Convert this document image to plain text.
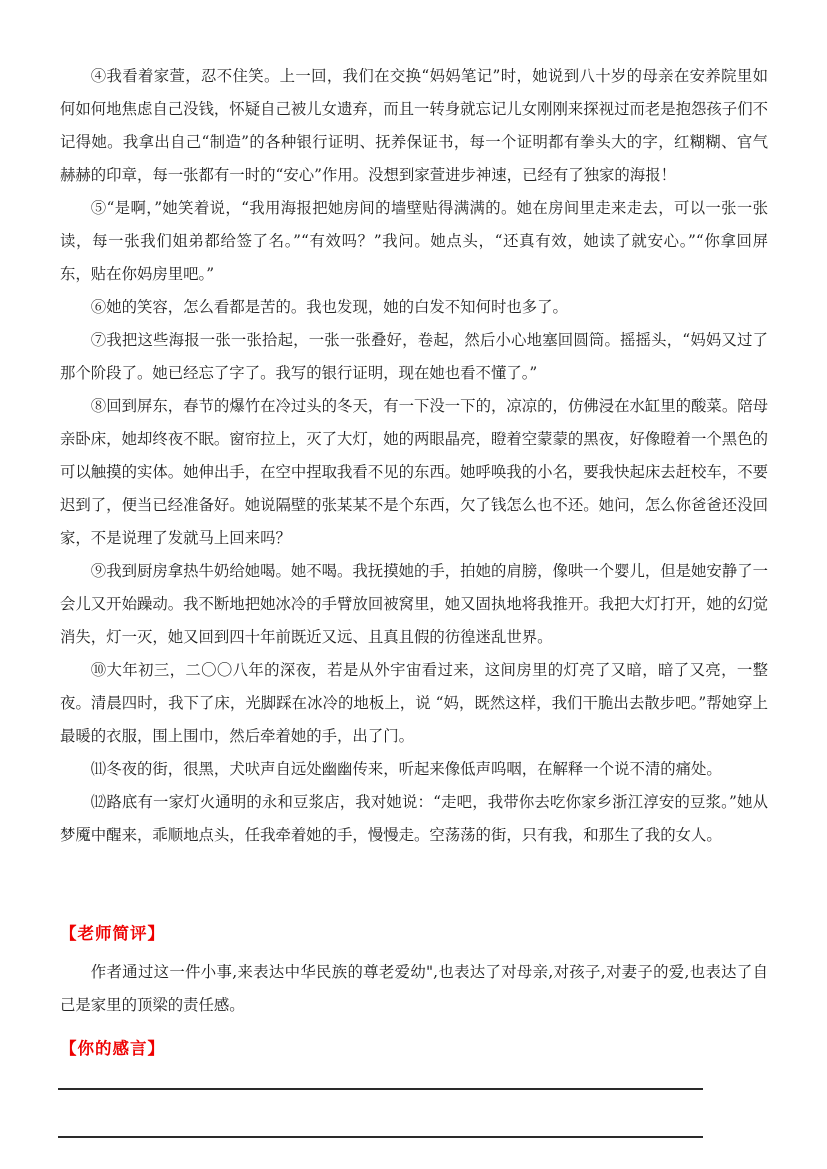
④我看着家萱，忍不住笑。上一回，我们在交换“妈妈笔记”时，她说到八十岁的母亲在安养院里如何如何地焦虑自己没钱，怀疑自己被儿女遗弃，而且一转身就忘记儿女刚刚来探视过而老是抱怨孩子们不记得她。我拿出自己“制造”的各种银行证明、抚养保证书，每一个证明都有拳头大的字，红糊糊、官气赫赫的印章，每一张都有一时的“安心”作用。没想到家萱进步神速，已经有了独家的海报！

⑤“是啊，”她笑着说，“我用海报把她房间的墙壁贴得满满的。她在房间里走来走去，可以一张一张读，每一张我们姐弟都给签了名。”“有效吗？”我问。她点头，“还真有效，她读了就安心。”“你拿回屏东，贴在你妈房里吧。”

⑥她的笑容，怎么看都是苦的。我也发现，她的白发不知何时也多了。

⑦我把这些海报一张一张拾起，一张一张叠好，卷起，然后小心地塞回圆筒。摇摇头，“妈妈又过了那个阶段了。她已经忘了字了。我写的银行证明，现在她也看不懂了。”

⑧回到屏东，春节的爆竹在冷过头的冬天，有一下没一下的，凉凉的，仿佛浸在水缸里的酸菜。陪母亲卧床，她却终夜不眠。窗帘拉上，灭了大灯，她的两眼晶亮，瞪着空蒙蒙的黑夜，好像瞪着一个黑色的可以触摸的实体。她伸出手，在空中捏取我看不见的东西。她呼唤我的小名，要我快起床去赶校车，不要迟到了，便当已经准备好。她说隔壁的张某某不是个东西，欠了钱怎么也不还。她问，怎么你爸爸还没回家，不是说理了发就马上回来吗？

⑨我到厨房拿热牛奶给她喝。她不喝。我抚摸她的手，拍她的肩膀，像哄一个婴儿，但是她安静了一会儿又开始躁动。我不断地把她冰冷的手臂放回被窝里，她又固执地将我推开。我把大灯打开，她的幻觉消失，灯一灭，她又回到四十年前既近又远、且真且假的彷徨迷乱世界。

⑩大年初三，二〇〇八年的深夜，若是从外宇宙看过来，这间房里的灯亮了又暗，暗了又亮，一整夜。清晨四时，我下了床，光脚踩在冰冷的地板上，说 “妈，既然这样，我们干脆出去散步吧。”帮她穿上最暖的衣服，围上围巾，然后牵着她的手，出了门。

⑾冬夜的街，很黑，犬吠声自远处幽幽传来，听起来像低声呜咽，在解释一个说不清的痛处。

⑿路底有一家灯火通明的永和豆浆店，我对她说：“走吧，我带你去吃你家乡浙江淳安的豆浆。”她从梦魇中醒来，乖顺地点头，任我牵着她的手，慢慢走。空荡荡的街，只有我，和那生了我的女人。

【老师简评】

作者通过这一件小事,来表达中华民族的尊老爱幼",也表达了对母亲,对孩子,对妻子的爱,也表达了自己是家里的顶梁的责任感。

【你的感言】
